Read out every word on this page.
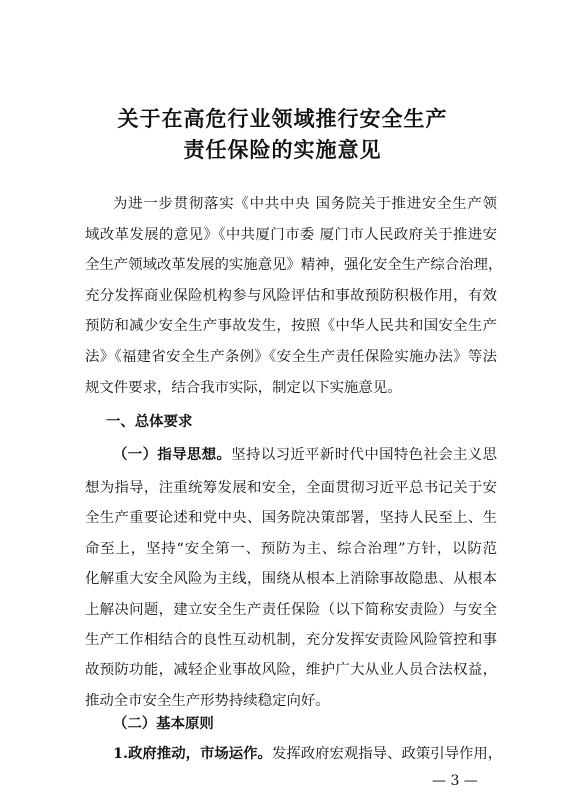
关于在高危行业领域推行安全生产
责任保险的实施意见
为进一步贯彻落实《中共中央 国务院关于推进安全生产领
域改革发展的意见》《中共厦门市委 厦门市人民政府关于推进安
全生产领域改革发展的实施意见》精神，强化安全生产综合治理，
充分发挥商业保险机构参与风险评估和事故预防积极作用，有效
预防和减少安全生产事故发生，按照《中华人民共和国安全生产
法》《福建省安全生产条例》《安全生产责任保险实施办法》等法
规文件要求，结合我市实际，制定以下实施意见。
一、总体要求
（一）指导思想。坚持以习近平新时代中国特色社会主义思
想为指导，注重统筹发展和安全，全面贯彻习近平总书记关于安
全生产重要论述和党中央、国务院决策部署，坚持人民至上、生
命至上，坚持“安全第一、预防为主、综合治理”方针，以防范
化解重大安全风险为主线，围绕从根本上消除事故隐患、从根本
上解决问题，建立安全生产责任保险（以下简称安责险）与安全
生产工作相结合的良性互动机制，充分发挥安责险风险管控和事
故预防功能，减轻企业事故风险，维护广大从业人员合法权益，
推动全市安全生产形势持续稳定向好。
（二）基本原则
1.政府推动，市场运作。发挥政府宏观指导、政策引导作用，
— 3 —
